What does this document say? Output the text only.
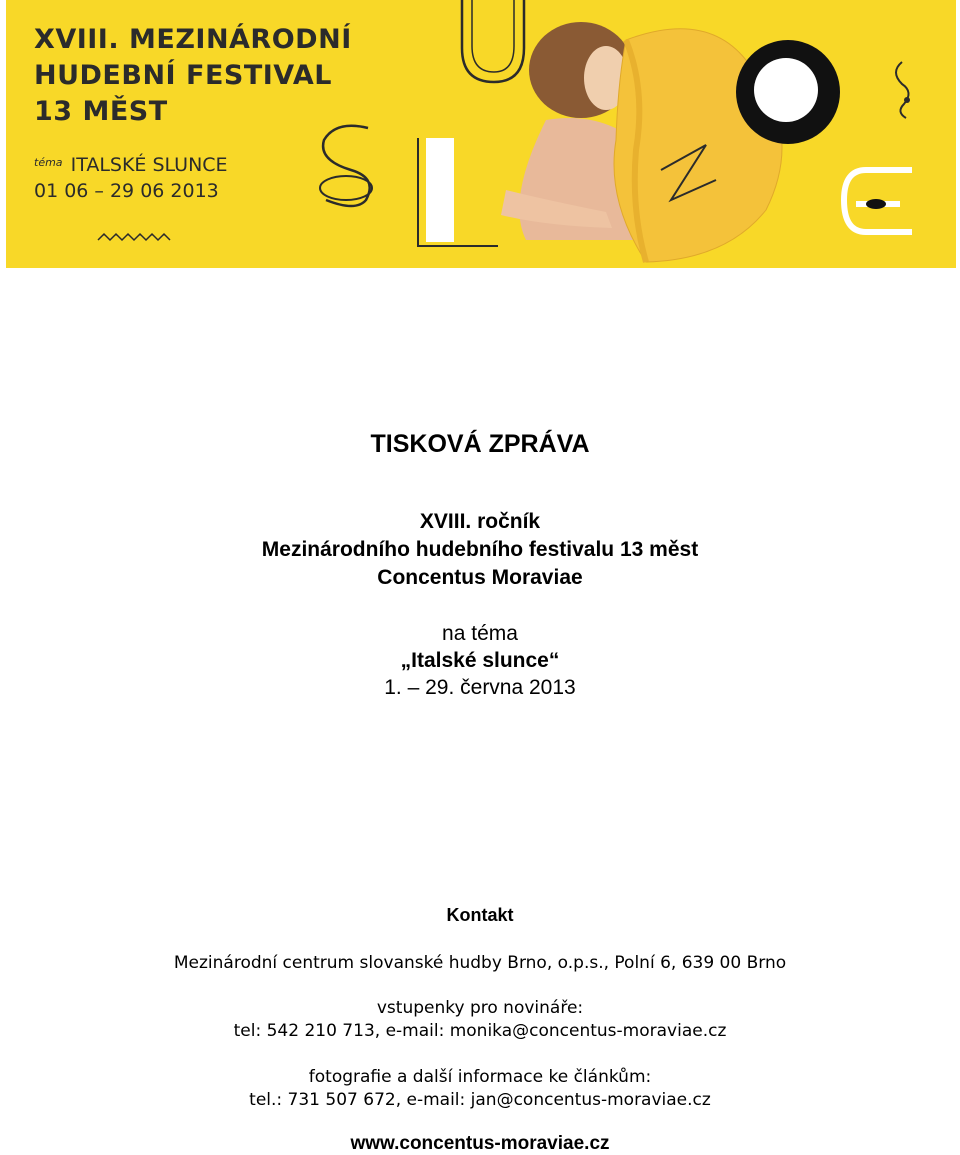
XVIII. MEZINÁRODNÍ
HUDEBNÍ FESTIVAL
13 MĚST
$^{téma}$ ITALSKÉ SLUNCE
01 06 – 29 06 2013
TISKOVÁ ZPRÁVA
XVIII. ročník
Mezinárodního hudebního festivalu 13 měst
Concentus Moraviae
na téma
„Italské slunce“
1. – 29. června 2013
Kontakt
Mezinárodní centrum slovanské hudby Brno, o.p.s., Polní 6, 639 00 Brno
vstupenky pro novináře:
tel: 542 210 713, e-mail: monika@concentus-moraviae.cz
fotografie a další informace ke článkům:
tel.: 731 507 672, e-mail: jan@concentus-moraviae.cz
www.concentus-moraviae.cz
